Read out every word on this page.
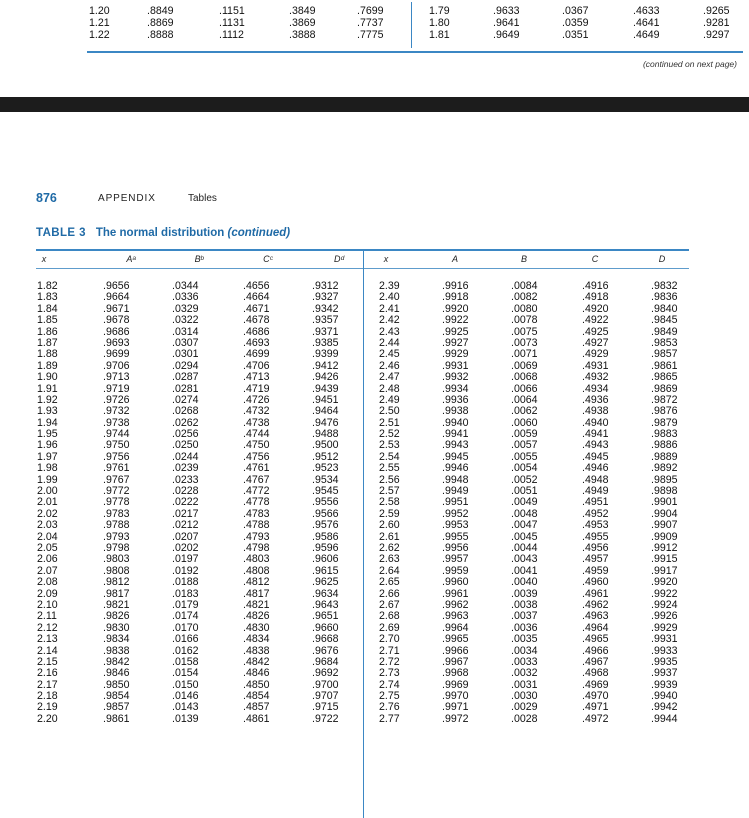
1.20	.8849	.1151	.3849	.7699	1.79	.9633	.0367	.4633	.9265
1.21	.8869	.1131	.3869	.7737	1.80	.9641	.0359	.4641	.9281
1.22	.8888	.1112	.3888	.7775	1.81	.9649	.0351	.4649	.9297
(continued on next page)
876	APPENDIX	Tables
TABLE 3 The normal distribution (continued)
x	Aᵃ	Bᵇ	Cᶜ	Dᵈ	x	A	B	C	D
1.82	.9656	.0344	.4656	.9312	2.39	.9916	.0084	.4916	.9832
1.83	.9664	.0336	.4664	.9327	2.40	.9918	.0082	.4918	.9836
1.84	.9671	.0329	.4671	.9342	2.41	.9920	.0080	.4920	.9840
1.85	.9678	.0322	.4678	.9357	2.42	.9922	.0078	.4922	.9845
1.86	.9686	.0314	.4686	.9371	2.43	.9925	.0075	.4925	.9849
1.87	.9693	.0307	.4693	.9385	2.44	.9927	.0073	.4927	.9853
1.88	.9699	.0301	.4699	.9399	2.45	.9929	.0071	.4929	.9857
1.89	.9706	.0294	.4706	.9412	2.46	.9931	.0069	.4931	.9861
1.90	.9713	.0287	.4713	.9426	2.47	.9932	.0068	.4932	.9865
1.91	.9719	.0281	.4719	.9439	2.48	.9934	.0066	.4934	.9869
1.92	.9726	.0274	.4726	.9451	2.49	.9936	.0064	.4936	.9872
1.93	.9732	.0268	.4732	.9464	2.50	.9938	.0062	.4938	.9876
1.94	.9738	.0262	.4738	.9476	2.51	.9940	.0060	.4940	.9879
1.95	.9744	.0256	.4744	.9488	2.52	.9941	.0059	.4941	.9883
1.96	.9750	.0250	.4750	.9500	2.53	.9943	.0057	.4943	.9886
1.97	.9756	.0244	.4756	.9512	2.54	.9945	.0055	.4945	.9889
1.98	.9761	.0239	.4761	.9523	2.55	.9946	.0054	.4946	.9892
1.99	.9767	.0233	.4767	.9534	2.56	.9948	.0052	.4948	.9895
2.00	.9772	.0228	.4772	.9545	2.57	.9949	.0051	.4949	.9898
2.01	.9778	.0222	.4778	.9556	2.58	.9951	.0049	.4951	.9901
2.02	.9783	.0217	.4783	.9566	2.59	.9952	.0048	.4952	.9904
2.03	.9788	.0212	.4788	.9576	2.60	.9953	.0047	.4953	.9907
2.04	.9793	.0207	.4793	.9586	2.61	.9955	.0045	.4955	.9909
2.05	.9798	.0202	.4798	.9596	2.62	.9956	.0044	.4956	.9912
2.06	.9803	.0197	.4803	.9606	2.63	.9957	.0043	.4957	.9915
2.07	.9808	.0192	.4808	.9615	2.64	.9959	.0041	.4959	.9917
2.08	.9812	.0188	.4812	.9625	2.65	.9960	.0040	.4960	.9920
2.09	.9817	.0183	.4817	.9634	2.66	.9961	.0039	.4961	.9922
2.10	.9821	.0179	.4821	.9643	2.67	.9962	.0038	.4962	.9924
2.11	.9826	.0174	.4826	.9651	2.68	.9963	.0037	.4963	.9926
2.12	.9830	.0170	.4830	.9660	2.69	.9964	.0036	.4964	.9929
2.13	.9834	.0166	.4834	.9668	2.70	.9965	.0035	.4965	.9931
2.14	.9838	.0162	.4838	.9676	2.71	.9966	.0034	.4966	.9933
2.15	.9842	.0158	.4842	.9684	2.72	.9967	.0033	.4967	.9935
2.16	.9846	.0154	.4846	.9692	2.73	.9968	.0032	.4968	.9937
2.17	.9850	.0150	.4850	.9700	2.74	.9969	.0031	.4969	.9939
2.18	.9854	.0146	.4854	.9707	2.75	.9970	.0030	.4970	.9940
2.19	.9857	.0143	.4857	.9715	2.76	.9971	.0029	.4971	.9942
2.20	.9861	.0139	.4861	.9722	2.77	.9972	.0028	.4972	.9944
